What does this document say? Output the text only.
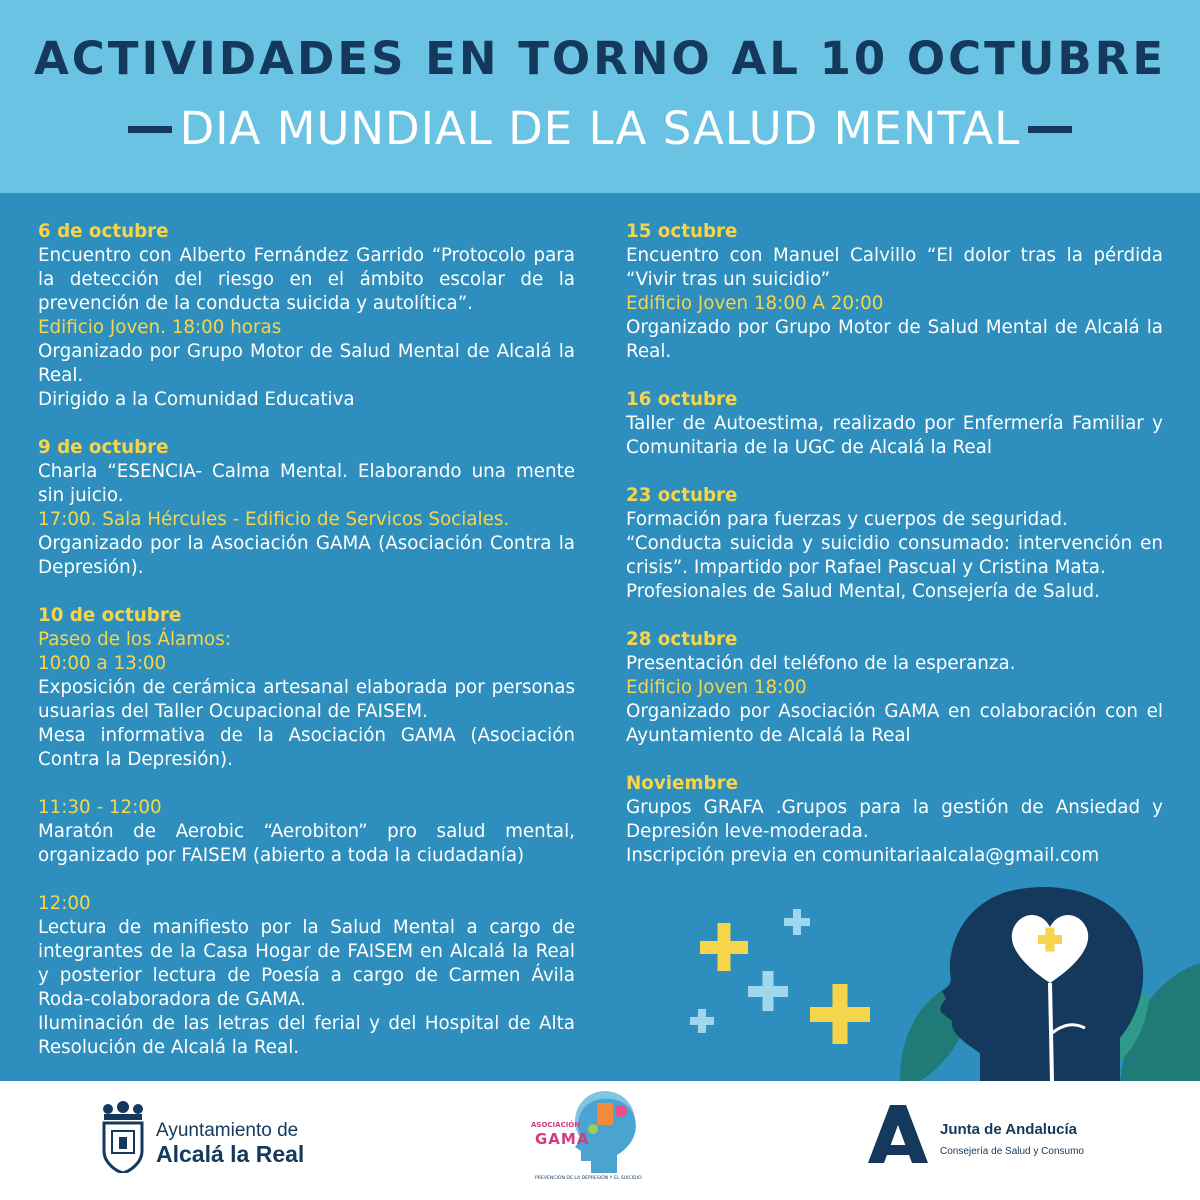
ACTIVIDADES EN TORNO AL 10 OCTUBRE
DIA MUNDIAL DE LA SALUD MENTAL
6 de octubre
Encuentro con Alberto Fernández Garrido “Protocolo para la detección del riesgo en el ámbito escolar de la prevención de la conducta suicida y autolítica”.
Edificio Joven. 18:00 horas
Organizado por Grupo Motor de Salud Mental de Alcalá la Real.
Dirigido a la Comunidad Educativa
9 de octubre
Charla “ESENCIA- Calma Mental. Elaborando una mente sin juicio.
17:00. Sala Hércules - Edificio de Servicos Sociales.
Organizado por la Asociación GAMA (Asociación Contra la Depresión).
10 de octubre
Paseo de los Álamos:
10:00 a 13:00
Exposición de cerámica artesanal elaborada por personas usuarias del Taller Ocupacional de FAISEM.
Mesa informativa de la Asociación GAMA (Asociación Contra la Depresión).
11:30 - 12:00
Maratón de Aerobic “Aerobiton” pro salud mental, organizado por FAISEM (abierto a toda la ciudadanía)
12:00
Lectura de manifiesto por la Salud Mental a cargo de integrantes de la Casa Hogar de FAISEM en Alcalá la Real y posterior lectura de Poesía a cargo de Carmen Ávila Roda-colaboradora de GAMA.
Iluminación de las letras del ferial y del Hospital de Alta Resolución de Alcalá la Real.
15 octubre
Encuentro con Manuel Calvillo “El dolor tras la pérdida “Vivir tras un suicidio”
Edificio Joven 18:00 A 20:00
Organizado por Grupo Motor de Salud Mental de Alcalá la Real.
16 octubre
Taller de Autoestima, realizado por Enfermería Familiar y Comunitaria de la UGC de Alcalá la Real
23 octubre
Formación para fuerzas y cuerpos de seguridad.
“Conducta suicida y suicidio consumado: intervención en crisis”. Impartido por Rafael Pascual y Cristina Mata.
Profesionales de Salud Mental, Consejería de Salud.
28 octubre
Presentación del teléfono de la esperanza.
Edificio Joven 18:00
Organizado por Asociación GAMA en colaboración con el Ayuntamiento de Alcalá la Real
Noviembre
Grupos GRAFA .Grupos para la gestión de Ansiedad y Depresión leve-moderada.
Inscripción previa en comunitariaalcala@gmail.com
Ayuntamiento de
Alcalá la Real
ASOCIACIÓN
GAMA
PREVENCIÓN DE LA DEPRESIÓN Y EL SUICIDIO
Junta de Andalucía
Consejería de Salud y Consumo
